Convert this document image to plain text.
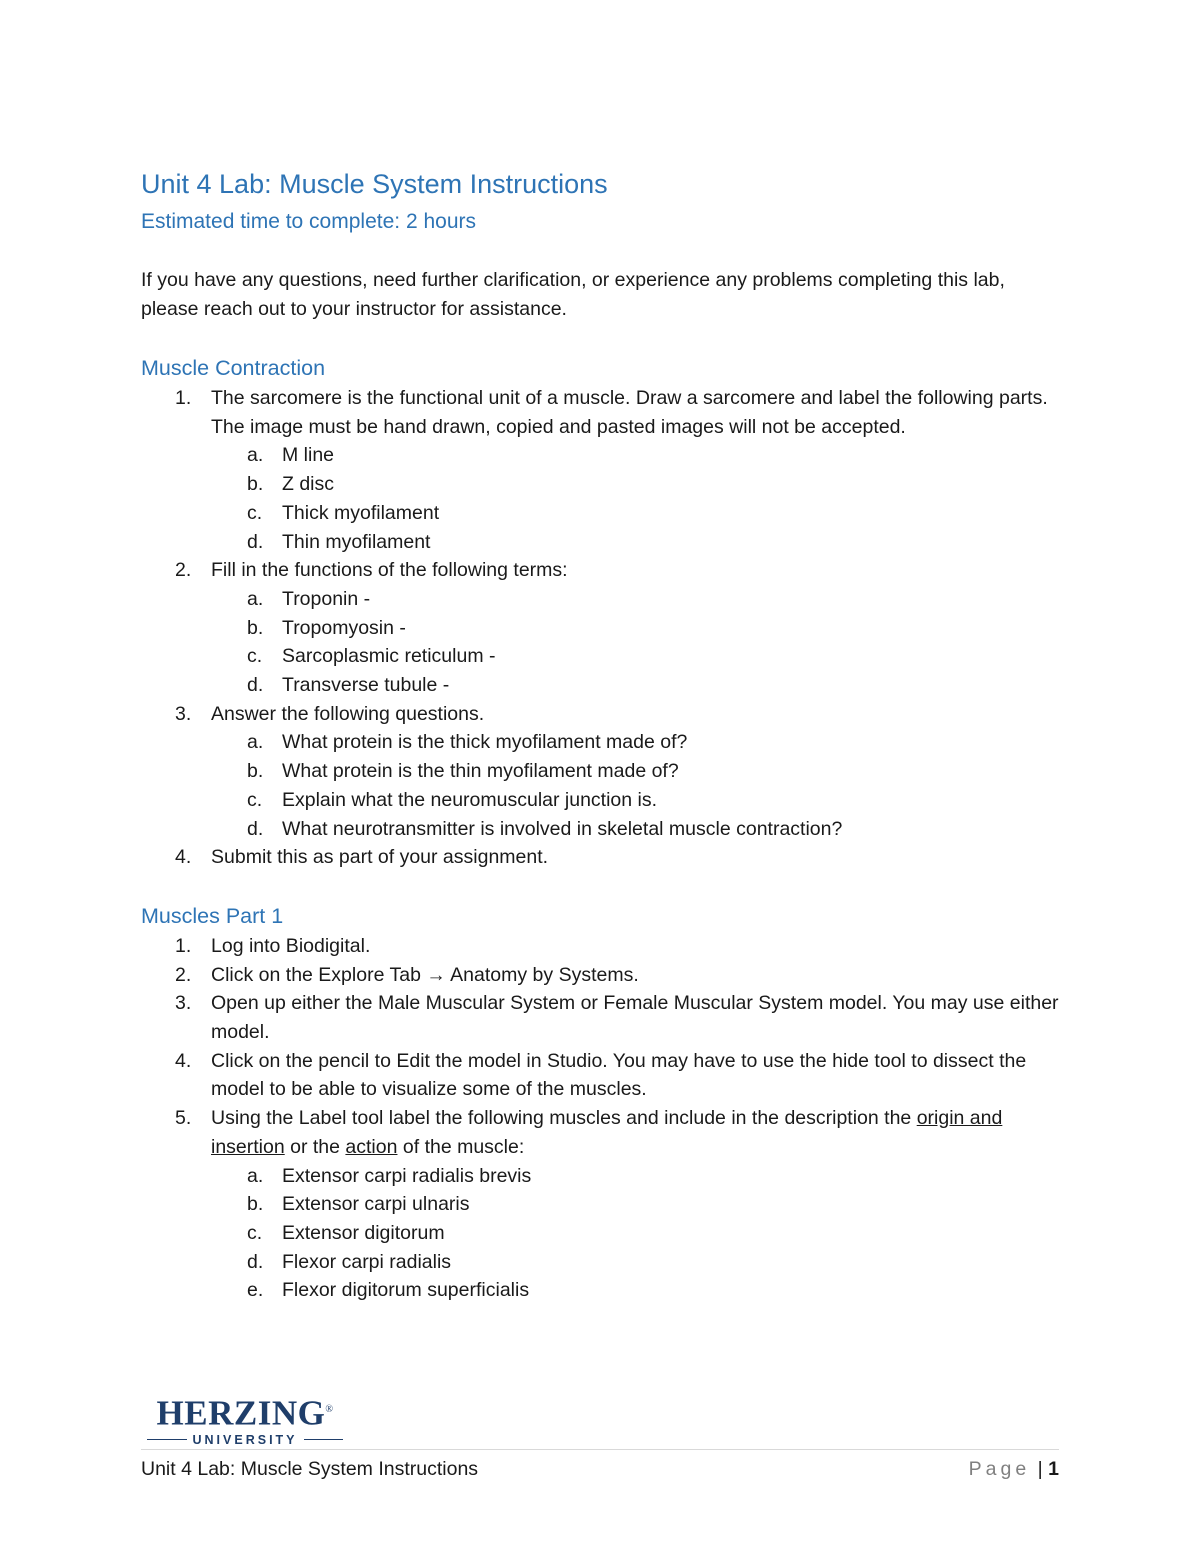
Unit 4 Lab: Muscle System Instructions

Estimated time to complete: 2 hours

If you have any questions, need further clarification, or experience any problems completing this lab, please reach out to your instructor for assistance.

Muscle Contraction
1. The sarcomere is the functional unit of a muscle. Draw a sarcomere and label the following parts. The image must be hand drawn, copied and pasted images will not be accepted.
a. M line
b. Z disc
c. Thick myofilament
d. Thin myofilament
2. Fill in the functions of the following terms:
a. Troponin -
b. Tropomyosin -
c. Sarcoplasmic reticulum -
d. Transverse tubule -
3. Answer the following questions.
a. What protein is the thick myofilament made of?
b. What protein is the thin myofilament made of?
c. Explain what the neuromuscular junction is.
d. What neurotransmitter is involved in skeletal muscle contraction?
4. Submit this as part of your assignment.
Muscles Part 1
1. Log into Biodigital.
2. Click on the Explore Tab → Anatomy by Systems.
3. Open up either the Male Muscular System or Female Muscular System model. You may use either model.
4. Click on the pencil to Edit the model in Studio. You may have to use the hide tool to dissect the model to be able to visualize some of the muscles.
5. Using the Label tool label the following muscles and include in the description the origin and insertion or the action of the muscle:
a. Extensor carpi radialis brevis
b. Extensor carpi ulnaris
c. Extensor digitorum
d. Flexor carpi radialis
e. Flexor digitorum superficialis
HERZING®
UNIVERSITY
Unit 4 Lab: Muscle System Instructions	Page | 1
